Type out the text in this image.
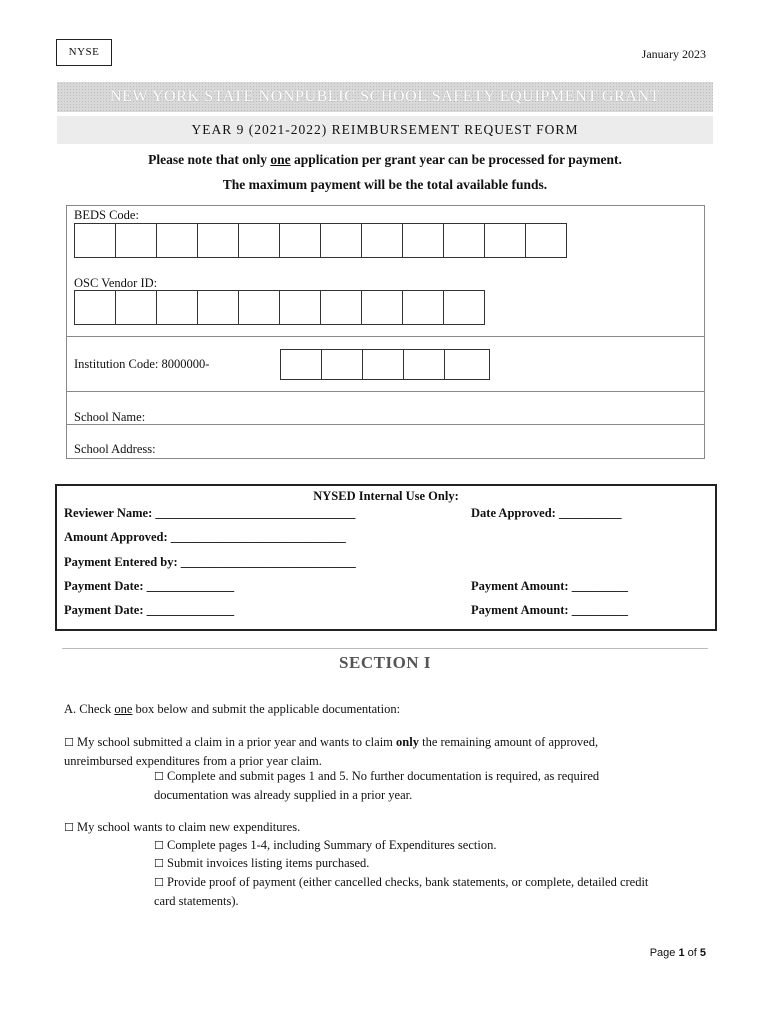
NYSE	January 2023
NEW YORK STATE NONPUBLIC SCHOOL SAFETY EQUIPMENT GRANT
YEAR 9 (2021-2022) REIMBURSEMENT REQUEST FORM
Please note that only one application per grant year can be processed for payment.
The maximum payment will be the total available funds.
BEDS Code:
OSC Vendor ID:
Institution Code: 8000000-
School Name:
School Address:
NYSED Internal Use Only:
Reviewer Name: ________________________________	Date Approved: __________
Amount Approved: ____________________________
Payment Entered by: ____________________________
Payment Date: ______________	Payment Amount: _________
Payment Date: ______________	Payment Amount: _________
SECTION I
A. Check one box below and submit the applicable documentation:
☐ My school submitted a claim in a prior year and wants to claim only the remaining amount of approved,
unreimbursed expenditures from a prior year claim.
☐ Complete and submit pages 1 and 5. No further documentation is required, as required
documentation was already supplied in a prior year.
☐ My school wants to claim new expenditures.
☐ Complete pages 1-4, including Summary of Expenditures section.
☐ Submit invoices listing items purchased.
☐ Provide proof of payment (either cancelled checks, bank statements, or complete, detailed credit
card statements).
Page 1 of 5
